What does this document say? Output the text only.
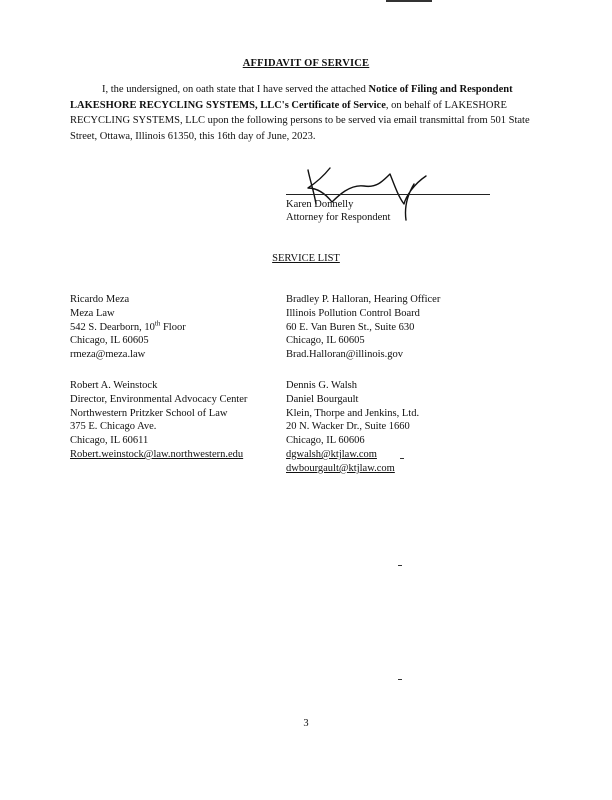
AFFIDAVIT OF SERVICE
I, the undersigned, on oath state that I have served the attached Notice of Filing and Respondent LAKESHORE RECYCLING SYSTEMS, LLC's Certificate of Service, on behalf of LAKESHORE RECYCLING SYSTEMS, LLC upon the following persons to be served via email transmittal from 501 State Street, Ottawa, Illinois 61350, this 16th day of June, 2023.
Karen Donnelly
Attorney for Respondent
SERVICE LIST
Ricardo Meza
Meza Law
542 S. Dearborn, 10th Floor
Chicago, IL 60605
rmeza@meza.law
Bradley P. Halloran, Hearing Officer
Illinois Pollution Control Board
60 E. Van Buren St., Suite 630
Chicago, IL 60605
Brad.Halloran@illinois.gov
Robert A. Weinstock
Director, Environmental Advocacy Center
Northwestern Pritzker School of Law
375 E. Chicago Ave.
Chicago, IL 60611
Robert.weinstock@law.northwestern.edu
Dennis G. Walsh
Daniel Bourgault
Klein, Thorpe and Jenkins, Ltd.
20 N. Wacker Dr., Suite 1660
Chicago, IL 60606
dgwalsh@ktjlaw.com
dwbourgault@ktjlaw.com
3
